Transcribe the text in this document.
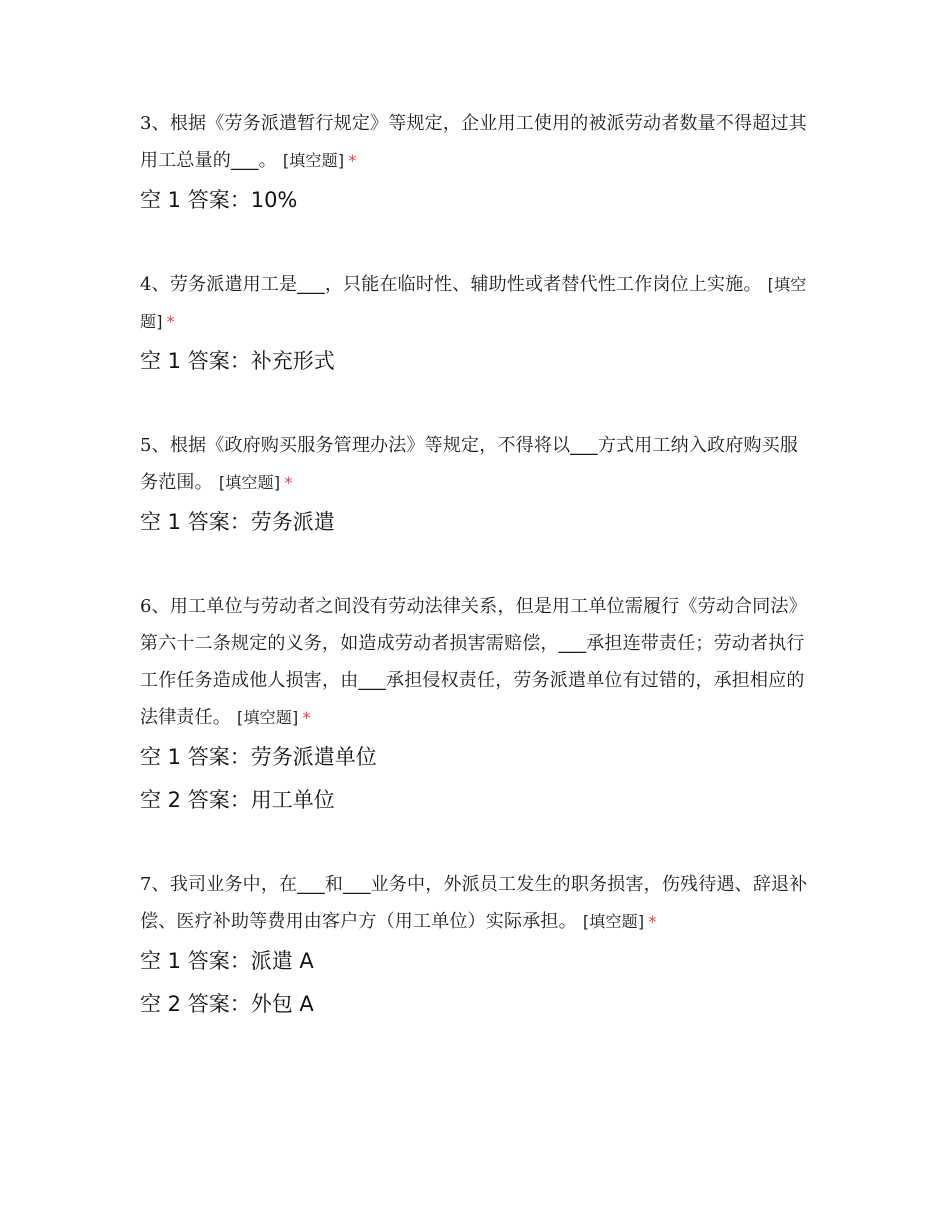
3、根据《劳务派遣暂行规定》等规定，企业用工使用的被派劳动者数量不得超过其用工总量的___。 [填空题] *
空 1 答案：10%
4、劳务派遣用工是___，只能在临时性、辅助性或者替代性工作岗位上实施。 [填空题] *
空 1 答案：补充形式
5、根据《政府购买服务管理办法》等规定，不得将以___方式用工纳入政府购买服务范围。 [填空题] *
空 1 答案：劳务派遣
6、用工单位与劳动者之间没有劳动法律关系，但是用工单位需履行《劳动合同法》第六十二条规定的义务，如造成劳动者损害需赔偿，___承担连带责任；劳动者执行工作任务造成他人损害，由___承担侵权责任，劳务派遣单位有过错的，承担相应的法律责任。 [填空题] *
空 1 答案：劳务派遣单位
空 2 答案：用工单位
7、我司业务中，在___和___业务中，外派员工发生的职务损害，伤残待遇、辞退补偿、医疗补助等费用由客户方（用工单位）实际承担。 [填空题] *
空 1 答案：派遣 A
空 2 答案：外包 A
